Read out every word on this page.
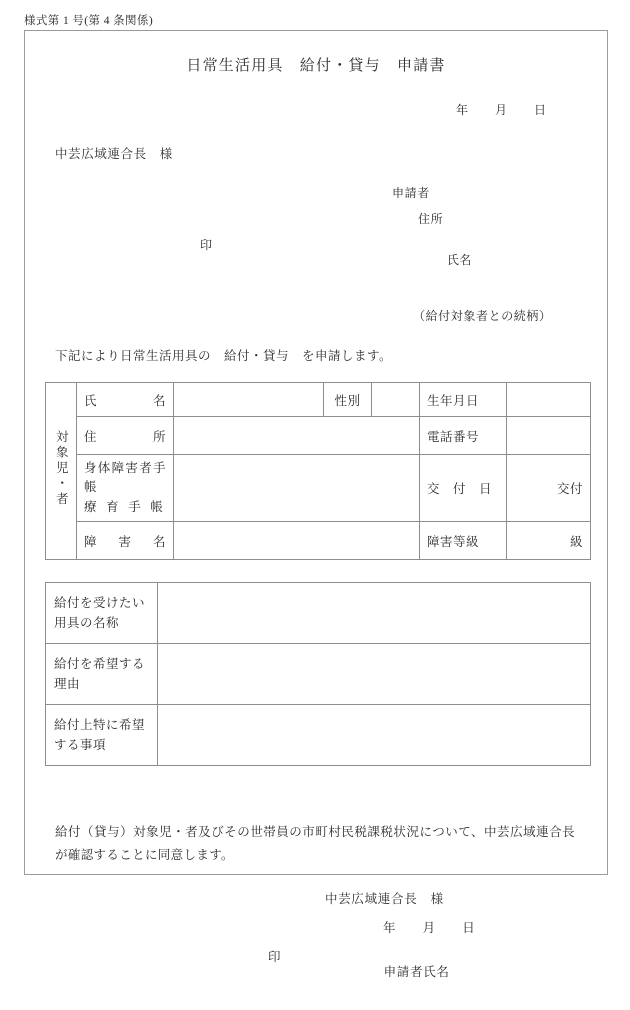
様式第 1 号(第 4 条関係)
日常生活用具　給付・貸与　申請書
年　　月　　日
中芸広域連合長　様
申請者
住所

氏名

印

（給付対象者との続柄）
下記により日常生活用具の　給付・貸与　を申請します。
対象児・者	氏　名		性別		生年月日	
	住　所				電話番号	

	身体障害者手帳
療育手帳				交　付　日	交付
	障　害　名				障害等級	級
給付を受けたい用具の名称	
給付を希望する理由	
給付上特に希望する事項	
給付（貸与）対象児・者及びその世帯員の市町村民税課税状況について、中芸広域連合長が確認することに同意します。
中芸広域連合長　様
年　　月　　日

申請者氏名

印
